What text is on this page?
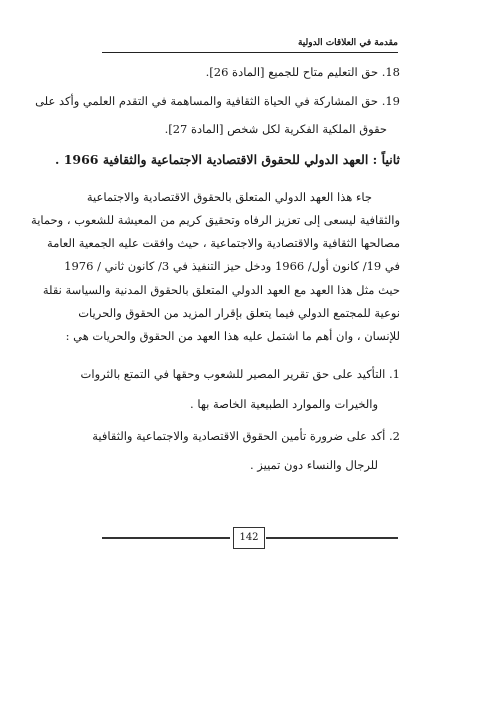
مقدمة في العلاقات الدولية
18. حق التعليم متاح للجميع [المادة 26].
19. حق المشاركة في الحياة الثقافية والمساهمة في التقدم العلمي وأكد على
حقوق الملكية الفكرية لكل شخص [المادة 27].
ثانياً : العهد الدولي للحقوق الاقتصادية الاجتماعية والثقافية 1966 .
جاء هذا العهد الدولي المتعلق بالحقوق الاقتصادية والاجتماعية
والثقافية ليسعى إلى تعزيز الرفاه وتحقيق كريم من المعيشة للشعوب ، وحماية
مصالحها الثقافية والاقتصادية والاجتماعية ، حيث وافقت عليه الجمعية العامة
في 19/ كانون أول/ 1966 ودخل حيز التنفيذ في 3/ كانون ثاني / 1976
حيث مثل هذا العهد مع العهد الدولي المتعلق بالحقوق المدنية والسياسة نقلة
نوعية للمجتمع الدولي فيما يتعلق بإقرار المزيد من الحقوق والحريات
للإنسان ، وان أهم ما اشتمل عليه هذا العهد من الحقوق والحريات هي :
1. التأكيد على حق تقرير المصير للشعوب وحقها في التمتع بالثروات
والخيرات والموارد الطبيعية الخاصة بها .
2. أكد على ضرورة تأمين الحقوق الاقتصادية والاجتماعية والثقافية
للرجال والنساء دون تمييز .
142
